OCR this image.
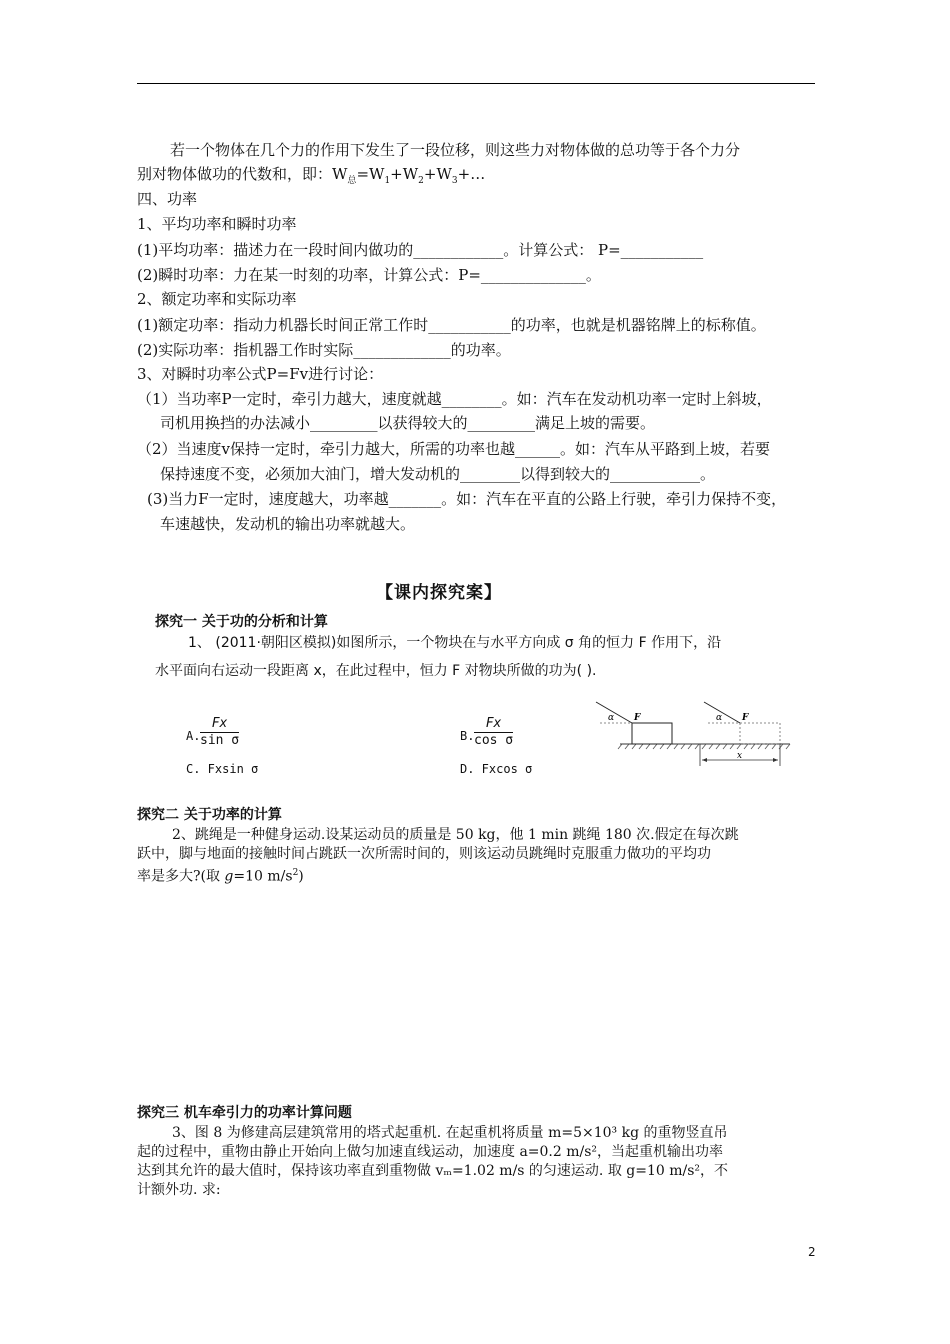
若一个物体在几个力的作用下发生了一段位移，则这些力对物体做的总功等于各个力分
别对物体做功的代数和，即：$W_总=W_1+W_2+W_3+\dots$
四、功率
1、平均功率和瞬时功率
(1)平均功率：描述力在一段时间内做功的____________。计算公式： P=___________
(2)瞬时功率：力在某一时刻的功率，计算公式：P=______________。
2、额定功率和实际功率
(1)额定功率：指动力机器长时间正常工作时___________的功率，也就是机器铭牌上的标称值。
(2)实际功率：指机器工作时实际_____________的功率。
3、对瞬时功率公式P=Fv进行讨论：
（1）当功率P一定时，牵引力越大，速度就越________。如：汽车在发动机功率一定时上斜坡，
司机用换挡的办法减小_________以获得较大的_________满足上坡的需要。
（2）当速度v保持一定时，牵引力越大，所需的功率也越______。如：汽车从平路到上坡，若要
保持速度不变，必须加大油门，增大发动机的________以得到较大的____________。
(3)当力F一定时，速度越大，功率越_______。如：汽车在平直的公路上行驶，牵引力保持不变，
车速越快，发动机的输出功率就越大。
【课内探究案】
探究一 关于功的分析和计算
1、 (2011·朝阳区模拟)如图所示，一个物块在与水平方向成 σ 角的恒力 F 作用下，沿
水平面向右运动一段距离 x，在此过程中，恒力 F 对物块所做的功为( ).
A. $\frac{Fx}{\text{sin σ}}$	B. $\frac{Fx}{\text{cos σ}}$
C. Fxsin σ	D. Fxcos σ
α F	α F
x
探究二 关于功率的计算
2、跳绳是一种健身运动.设某运动员的质量是 50 kg，他 1 min 跳绳 180 次.假定在每次跳
跃中，脚与地面的接触时间占跳跃一次所需时间的，则该运动员跳绳时克服重力做功的平均功
率是多大?(取 g=10 $m/s^2$)
探究三 机车牵引力的功率计算问题
3、图 8 为修建高层建筑常用的塔式起重机. 在起重机将质量 m=5×10³ kg 的重物竖直吊
起的过程中，重物由静止开始向上做匀加速直线运动，加速度 a=0.2 m/s²，当起重机输出功率
达到其允许的最大值时，保持该功率直到重物做 vₘ=1.02 m/s 的匀速运动. 取 g=10 m/s²，不
计额外功. 求:
2
